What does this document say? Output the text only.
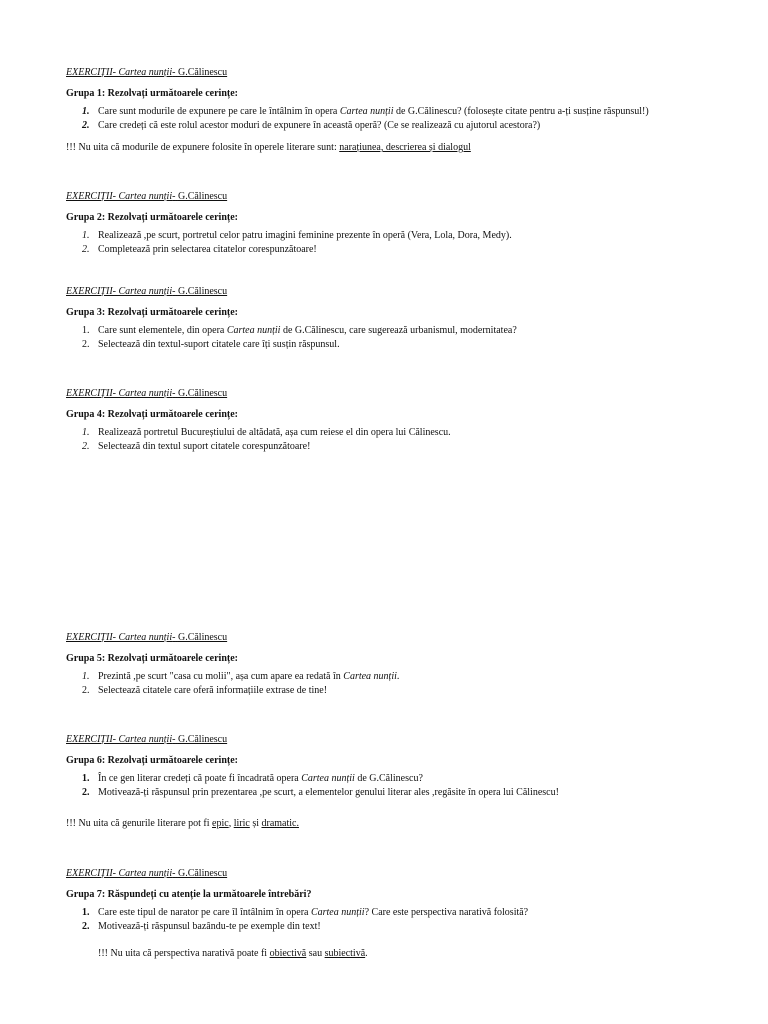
EXERCIȚII- Cartea nunții- G.Călinescu
Grupa 1: Rezolvați următoarele cerințe:
1. Care sunt modurile de expunere pe care le întâlnim în opera Cartea nunții de G.Călinescu? (folosește citate pentru a-ți susține răspunsul!)
2. Care credeți că este rolul acestor moduri de expunere în această operă? (Ce se realizează cu ajutorul acestora?)
!!! Nu uita că modurile de expunere folosite în operele literare sunt: narațiunea, descrierea și dialogul
EXERCIȚII- Cartea nunții- G.Călinescu
Grupa 2: Rezolvați următoarele cerințe:
1. Realizează ,pe scurt, portretul celor patru imagini feminine prezente în operă (Vera, Lola, Dora, Medy).
2. Completează prin selectarea citatelor corespunzătoare!
EXERCIȚII- Cartea nunții- G.Călinescu
Grupa 3: Rezolvați următoarele cerințe:
1. Care sunt elementele, din opera Cartea nunții de G.Călinescu, care sugerează urbanismul, modernitatea?
2. Selectează din textul-suport citatele care îți susțin răspunsul.
EXERCIȚII- Cartea nunții- G.Călinescu
Grupa 4: Rezolvați următoarele cerințe:
1. Realizează portretul Bucureștiului de altădată, așa cum reiese el din opera lui Călinescu.
2. Selectează din textul suport citatele corespunzătoare!
EXERCIȚII- Cartea nunții- G.Călinescu
Grupa 5: Rezolvați următoarele cerințe:
1. Prezintă ,pe scurt "casa cu molii", așa cum apare ea redată în Cartea nunții.
2. Selectează citatele care oferă informațiile extrase de tine!
EXERCIȚII- Cartea nunții- G.Călinescu
Grupa 6: Rezolvați următoarele cerințe:
1. În ce gen literar credeți că poate fi încadrată opera Cartea nunții de G.Călinescu?
2. Motivează-ți răspunsul prin prezentarea ,pe scurt, a elementelor genului literar ales ,regăsite în opera lui Călinescu!
!!! Nu uita că genurile literare pot fi epic, liric și dramatic.
EXERCIȚII- Cartea nunții- G.Călinescu
Grupa 7: Răspundeți cu atenție la următoarele întrebări?
1. Care este tipul de narator pe care îl întâlnim în opera Cartea nunții? Care este perspectiva narativă folosită?
2. Motivează-ți răspunsul bazându-te pe exemple din text!
!!! Nu uita că perspectiva narativă poate fi obiectivă sau subiectivă.
